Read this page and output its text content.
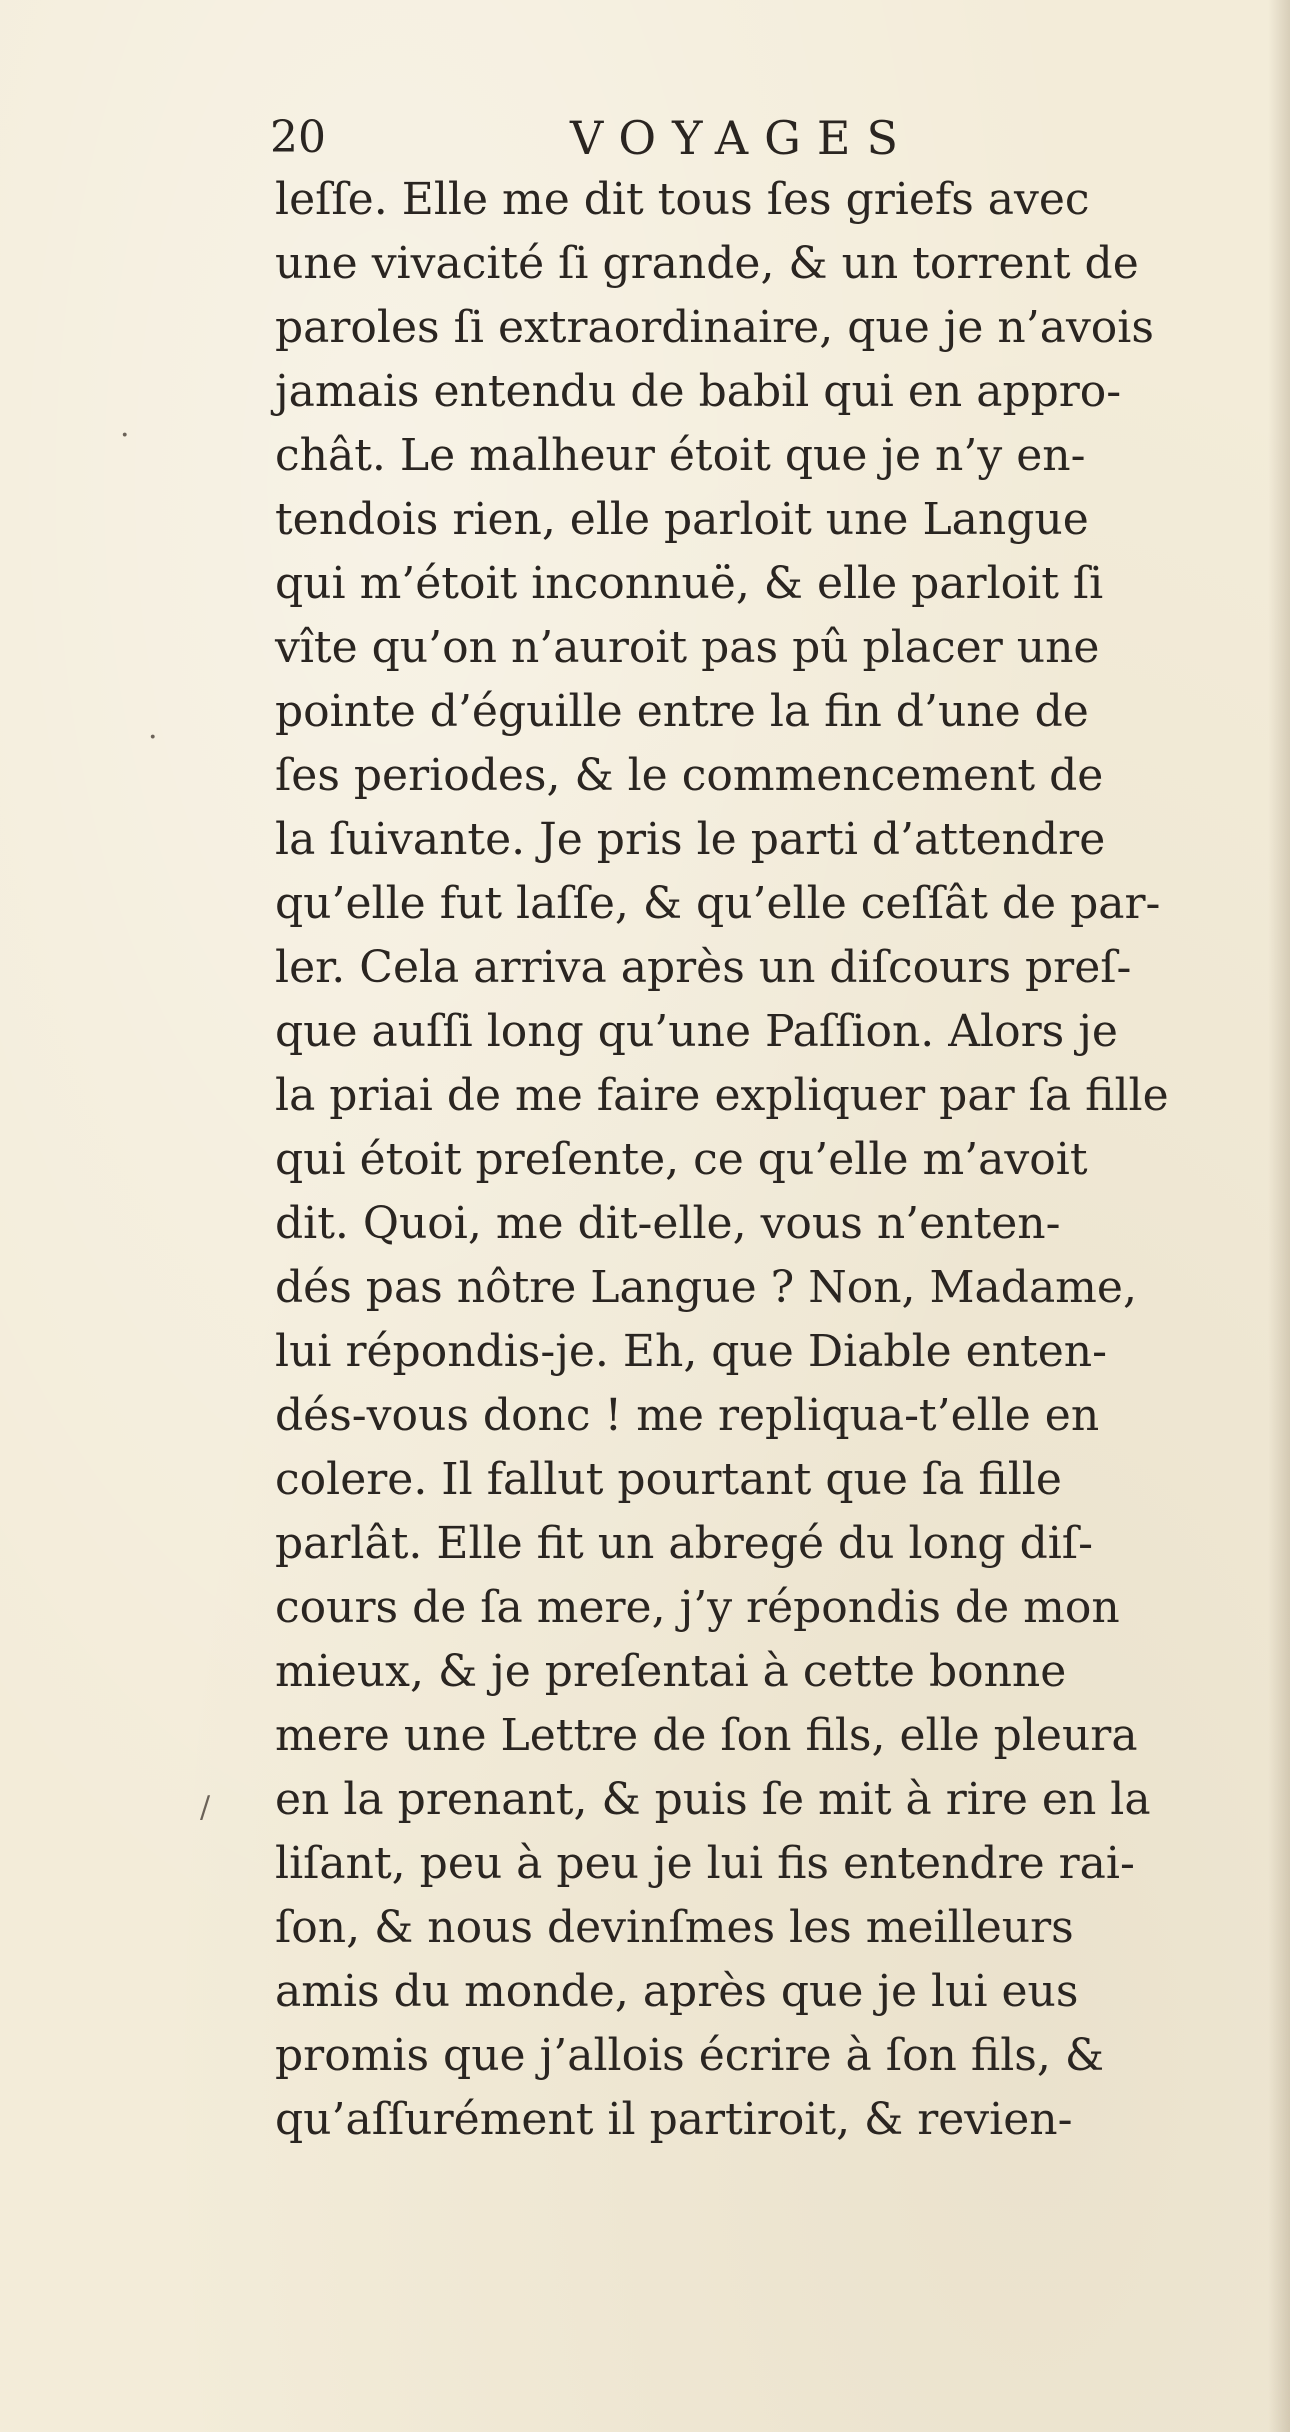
20	VOYAGES
·
·
/
leſſe. Elle me dit tous ſes griefs avec
une vivacité ſi grande, & un torrent de
paroles ſi extraordinaire, que je n’avois
jamais entendu de babil qui en appro-
chât. Le malheur étoit que je n’y en-
tendois rien, elle parloit une Langue
qui m’étoit inconnuë, & elle parloit ſi
vîte qu’on n’auroit pas pû placer une
pointe d’éguille entre la fin d’une de
ſes periodes, & le commencement de
la ſuivante. Je pris le parti d’attendre
qu’elle fut laſſe, & qu’elle ceſſât de par-
ler. Cela arriva après un diſcours preſ-
que auſſi long qu’une Paſſion. Alors je
la priai de me faire expliquer par ſa fille
qui étoit preſente, ce qu’elle m’avoit
dit. Quoi, me dit-elle, vous n’enten-
dés pas nôtre Langue ? Non, Madame,
lui répondis-je. Eh, que Diable enten-
dés-vous donc ! me repliqua-t’elle en
colere. Il fallut pourtant que ſa fille
parlât. Elle fit un abregé du long diſ-
cours de ſa mere, j’y répondis de mon
mieux, & je preſentai à cette bonne
mere une Lettre de ſon fils, elle pleura
en la prenant, & puis ſe mit à rire en la
liſant, peu à peu je lui fis entendre rai-
ſon, & nous devinſmes les meilleurs
amis du monde, après que je lui eus
promis que j’allois écrire à ſon fils, &
qu’aſſurément il partiroit, & revien-
